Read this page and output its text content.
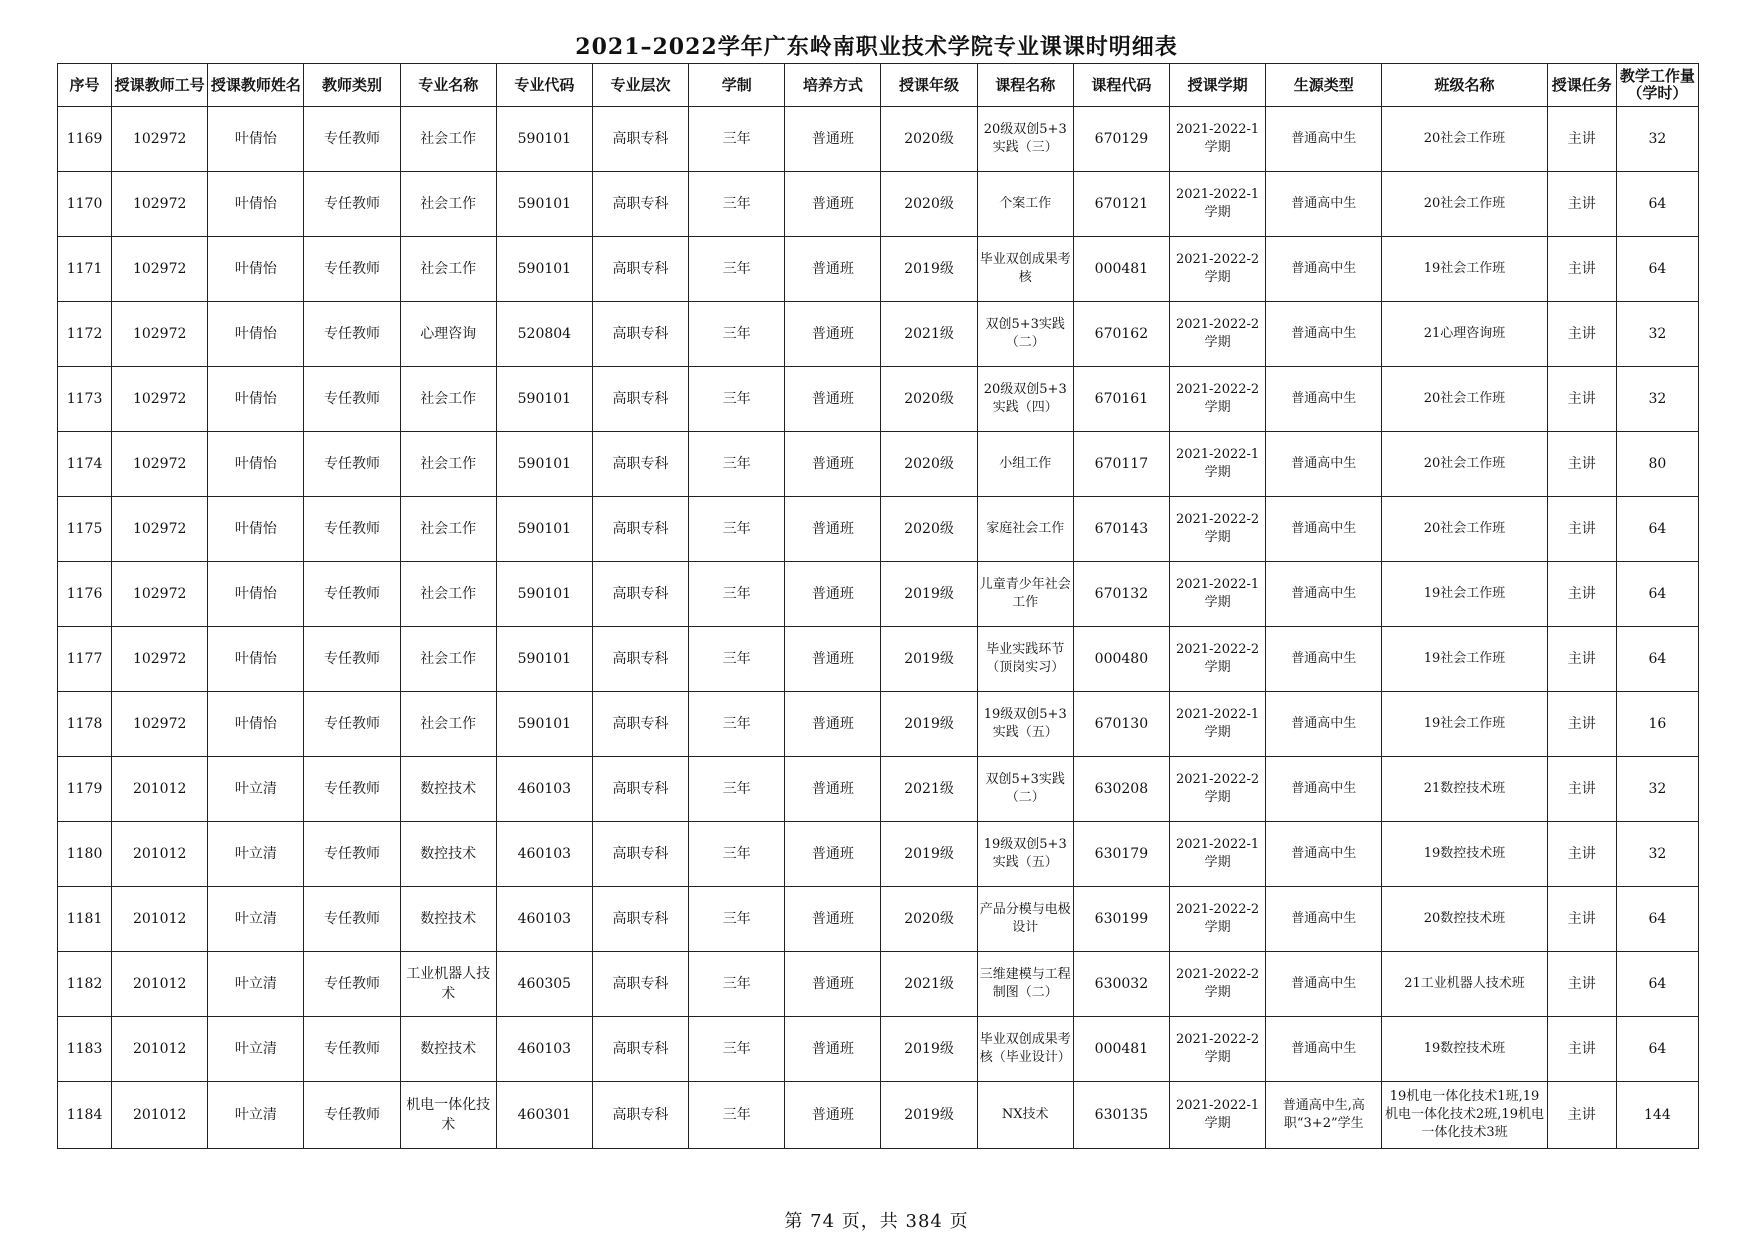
2021–2022学年广东岭南职业技术学院专业课课时明细表
序号	授课教师工号	授课教师姓名	教师类别	专业名称	专业代码	专业层次	学制	培养方式	授课年级	课程名称	课程代码	授课学期	生源类型	班级名称	授课任务	教学工作量（学时）

1169	102972	叶倩怡	专任教师	社会工作	590101	高职专科	三年	普通班	2020级	20级双创5+3实践（三）	670129	2021-2022-1学期	普通高中生	20社会工作班	主讲	32

1170	102972	叶倩怡	专任教师	社会工作	590101	高职专科	三年	普通班	2020级	个案工作	670121	2021-2022-1学期	普通高中生	20社会工作班	主讲	64

1171	102972	叶倩怡	专任教师	社会工作	590101	高职专科	三年	普通班	2019级	毕业双创成果考核	000481	2021-2022-2学期	普通高中生	19社会工作班	主讲	64

1172	102972	叶倩怡	专任教师	心理咨询	520804	高职专科	三年	普通班	2021级	双创5+3实践（二）	670162	2021-2022-2学期	普通高中生	21心理咨询班	主讲	32

1173	102972	叶倩怡	专任教师	社会工作	590101	高职专科	三年	普通班	2020级	20级双创5+3实践（四）	670161	2021-2022-2学期	普通高中生	20社会工作班	主讲	32

1174	102972	叶倩怡	专任教师	社会工作	590101	高职专科	三年	普通班	2020级	小组工作	670117	2021-2022-1学期	普通高中生	20社会工作班	主讲	80

1175	102972	叶倩怡	专任教师	社会工作	590101	高职专科	三年	普通班	2020级	家庭社会工作	670143	2021-2022-2学期	普通高中生	20社会工作班	主讲	64

1176	102972	叶倩怡	专任教师	社会工作	590101	高职专科	三年	普通班	2019级	儿童青少年社会工作	670132	2021-2022-1学期	普通高中生	19社会工作班	主讲	64

1177	102972	叶倩怡	专任教师	社会工作	590101	高职专科	三年	普通班	2019级	毕业实践环节（顶岗实习）	000480	2021-2022-2学期	普通高中生	19社会工作班	主讲	64

1178	102972	叶倩怡	专任教师	社会工作	590101	高职专科	三年	普通班	2019级	19级双创5+3实践（五）	670130	2021-2022-1学期	普通高中生	19社会工作班	主讲	16

1179	201012	叶立清	专任教师	数控技术	460103	高职专科	三年	普通班	2021级	双创5+3实践（二）	630208	2021-2022-2学期	普通高中生	21数控技术班	主讲	32

1180	201012	叶立清	专任教师	数控技术	460103	高职专科	三年	普通班	2019级	19级双创5+3实践（五）	630179	2021-2022-1学期	普通高中生	19数控技术班	主讲	32

1181	201012	叶立清	专任教师	数控技术	460103	高职专科	三年	普通班	2020级	产品分模与电极设计	630199	2021-2022-2学期	普通高中生	20数控技术班	主讲	64

1182	201012	叶立清	专任教师	工业机器人技术	460305	高职专科	三年	普通班	2021级	三维建模与工程制图（二）	630032	2021-2022-2学期	普通高中生	21工业机器人技术班	主讲	64

1183	201012	叶立清	专任教师	数控技术	460103	高职专科	三年	普通班	2019级	毕业双创成果考核（毕业设计）	000481	2021-2022-2学期	普通高中生	19数控技术班	主讲	64

1184	201012	叶立清	专任教师	机电一体化技术	460301	高职专科	三年	普通班	2019级	NX技术	630135	2021-2022-1学期	普通高中生,高职“3+2”学生	19机电一体化技术1班,19机电一体化技术2班,19机电一体化技术3班	主讲	144
第 74 页，共 384 页
